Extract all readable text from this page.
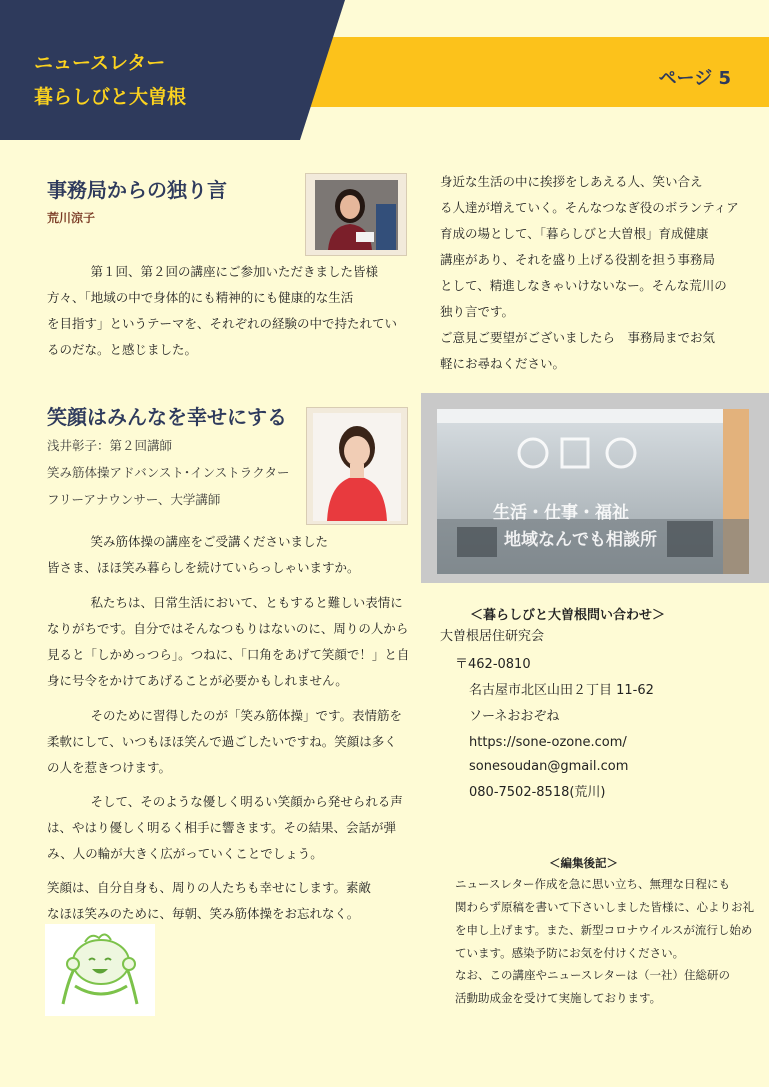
ニュースレター
暮らしびと大曽根
ページ 5
事務局からの独り言
荒川涼子
　第１回、第２回の講座にご参加いただきました皆様
方々、「地域の中で身体的にも精神的にも健康的な生活
を目指す」というテーマを、それぞれの経験の中で持たれてい
るのだな。と感じました。
身近な生活の中に挨拶をしあえる人、笑い合え
る人達が増えていく。そんなつなぎ役のボランティア
育成の場として、「暮らしびと大曽根」育成健康
講座があり、それを盛り上げる役割を担う事務局
として、精進しなきゃいけないなー。そんな荒川の
独り言です。
ご意見ご要望がございましたら　事務局までお気
軽にお尋ねください。
笑顔はみんなを幸せにする
浅井彰子：第２回講師
笑み筋体操アドバンスト･インストラクター
フリーアナウンサー、大学講師
　笑み筋体操の講座をご受講くださいました
皆さま、ほほ笑み暮らしを続けていらっしゃいますか。
　私たちは、日常生活において、ともすると難しい表情に
なりがちです。自分ではそんなつもりはないのに、周りの人から
見ると「しかめっつら」。つねに、「口角をあげて笑顔で！」と自
身に号令をかけてあげることが必要かもしれません。
　そのために習得したのが「笑み筋体操」です。表情筋を
柔軟にして、いつもほほ笑んで過ごしたいですね。笑顔は多く
の人を惹きつけます。
　そして、そのような優しく明るい笑顔から発せられる声
は、やはり優しく明るく相手に響きます。その結果、会話が弾
み、人の輪が大きく広がっていくことでしょう。
笑顔は、自分自身も、周りの人たちも幸せにします。素敵
なほほ笑みのために、毎朝、笑み筋体操をお忘れなく。
生活・仕事・福祉
地域なんでも相談所
＜暮らしびと大曽根問い合わせ＞
大曽根居住研究会
〒462-0810
名古屋市北区山田２丁目 11-62
ソーネおおぞね
https://sone-ozone.com/
sonesoudan@gmail.com
080-7502-8518(荒川)
＜編集後記＞
ニュースレター作成を急に思い立ち、無理な日程にも
関わらず原稿を書いて下さいしました皆様に、心よりお礼
を申し上げます。また、新型コロナウイルスが流行し始め
ています。感染予防にお気を付けください。
なお、この講座やニュースレターは（一社）住総研の
活動助成金を受けて実施しております。
